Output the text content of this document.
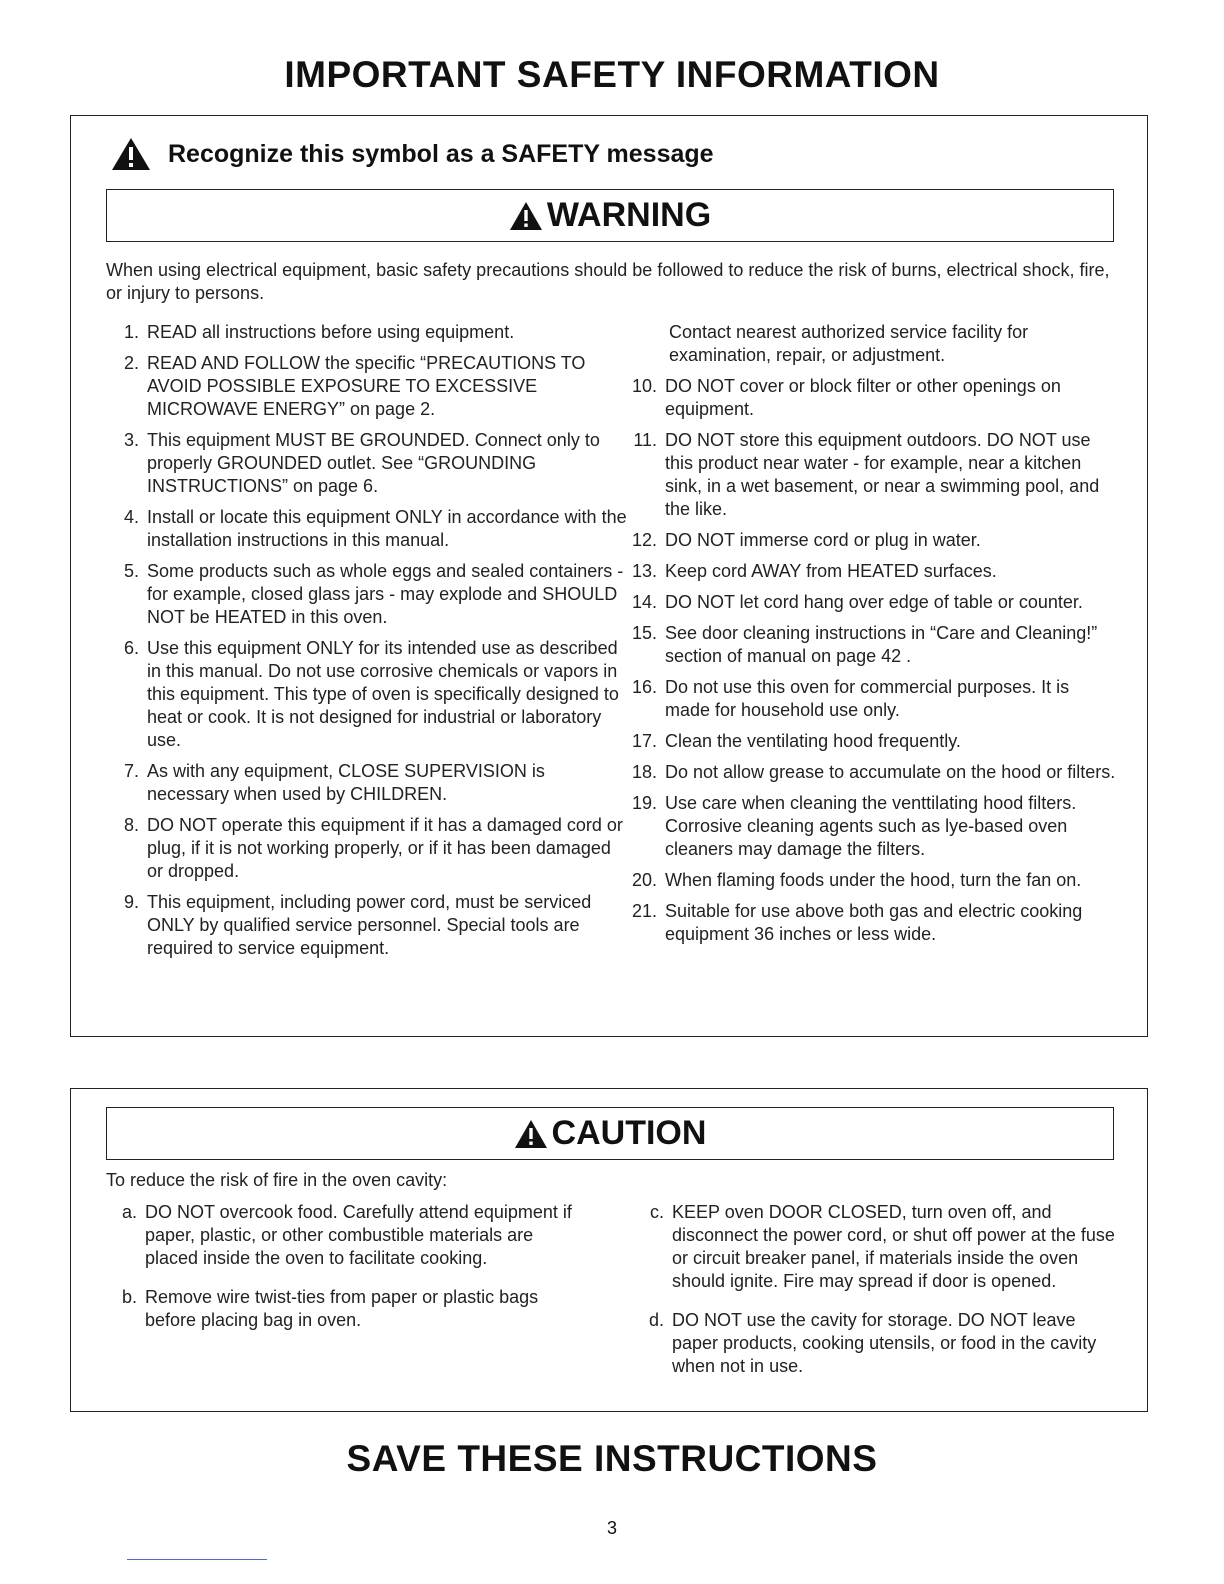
IMPORTANT SAFETY INFORMATION
Recognize this symbol as a SAFETY message
WARNING
When using electrical equipment, basic safety precautions should be followed to reduce the risk of burns, electrical shock, fire, or injury to persons.
1. READ all instructions before using equipment.
2. READ AND FOLLOW the specific “PRECAUTIONS TO AVOID POSSIBLE EXPOSURE TO EXCESSIVE MICROWAVE ENERGY” on page 2.
3. This equipment MUST BE GROUNDED. Connect only to properly GROUNDED outlet. See “GROUNDING INSTRUCTIONS” on page 6.
4. Install or locate this equipment ONLY in accordance with the installation instructions in this manual.
5. Some products such as whole eggs and sealed containers - for example, closed glass jars - may explode and SHOULD NOT be HEATED in this oven.
6. Use this equipment ONLY for its intended use as described in this manual. Do not use corrosive chemicals or vapors in this equipment. This type of oven is specifically designed to heat or cook. It is not designed for industrial or laboratory use.
7. As with any equipment, CLOSE SUPERVISION is necessary when used by CHILDREN.
8. DO NOT operate this equipment if it has a damaged cord or plug, if it is not working properly, or if it has been damaged or dropped.
9. This equipment, including power cord, must be serviced ONLY by qualified service personnel. Special tools are required to service equipment.
Contact nearest authorized service facility for examination, repair, or adjustment.
10. DO NOT cover or block filter or other openings on equipment.
11. DO NOT store this equipment outdoors. DO NOT use this product near water - for example, near a kitchen sink, in a wet basement, or near a swimming pool, and the like.
12. DO NOT immerse cord or plug in water.
13. Keep cord AWAY from HEATED surfaces.
14. DO NOT let cord hang over edge of table or counter.
15. See door cleaning instructions in “Care and Cleaning!” section of manual on page 42 .
16. Do not use this oven for commercial purposes. It is made for household use only.
17. Clean the ventilating hood frequently.
18. Do not allow grease to accumulate on the hood or filters.
19. Use care when cleaning the venttilating hood filters. Corrosive cleaning agents such as lye-based oven cleaners may damage the filters.
20. When flaming foods under the hood, turn the fan on.
21. Suitable for use above both gas and electric cooking equipment 36 inches or less wide.
CAUTION
To reduce the risk of fire in the oven cavity:
a. DO NOT overcook food. Carefully attend equipment if paper, plastic, or other combustible materials are placed inside the oven to facilitate cooking.
b. Remove wire twist-ties from paper or plastic bags before placing bag in oven.
c. KEEP oven DOOR CLOSED, turn oven off, and disconnect the power cord, or shut off power at the fuse or circuit breaker panel, if materials inside the oven should ignite. Fire may spread if door is opened.
d. DO NOT use the cavity for storage. DO NOT leave paper products, cooking utensils, or food in the cavity when not in use.
SAVE THESE INSTRUCTIONS
3
